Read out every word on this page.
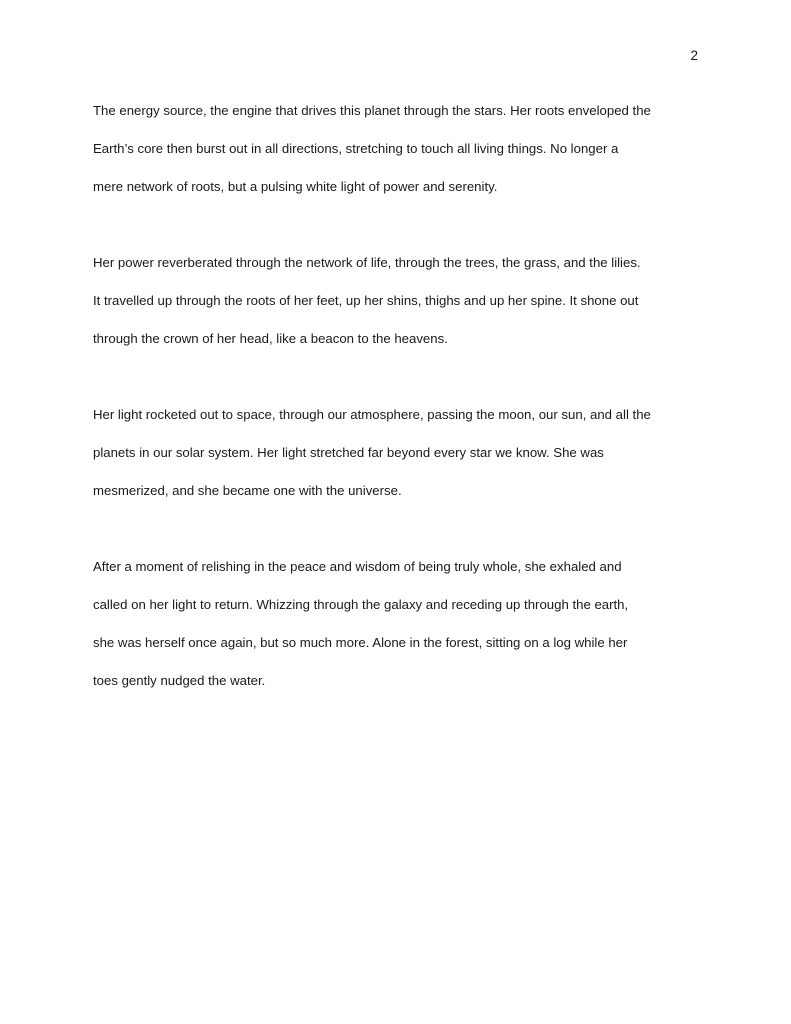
2
The energy source, the engine that drives this planet through the stars. Her roots enveloped the
Earth’s core then burst out in all directions, stretching to touch all living things. No longer a
mere network of roots, but a pulsing white light of power and serenity.
Her power reverberated through the network of life, through the trees, the grass, and the lilies.
It travelled up through the roots of her feet, up her shins, thighs and up her spine. It shone out
through the crown of her head, like a beacon to the heavens.
Her light rocketed out to space, through our atmosphere, passing the moon, our sun, and all the
planets in our solar system. Her light stretched far beyond every star we know. She was
mesmerized, and she became one with the universe.
After a moment of relishing in the peace and wisdom of being truly whole, she exhaled and
called on her light to return. Whizzing through the galaxy and receding up through the earth,
she was herself once again, but so much more. Alone in the forest, sitting on a log while her
toes gently nudged the water.
